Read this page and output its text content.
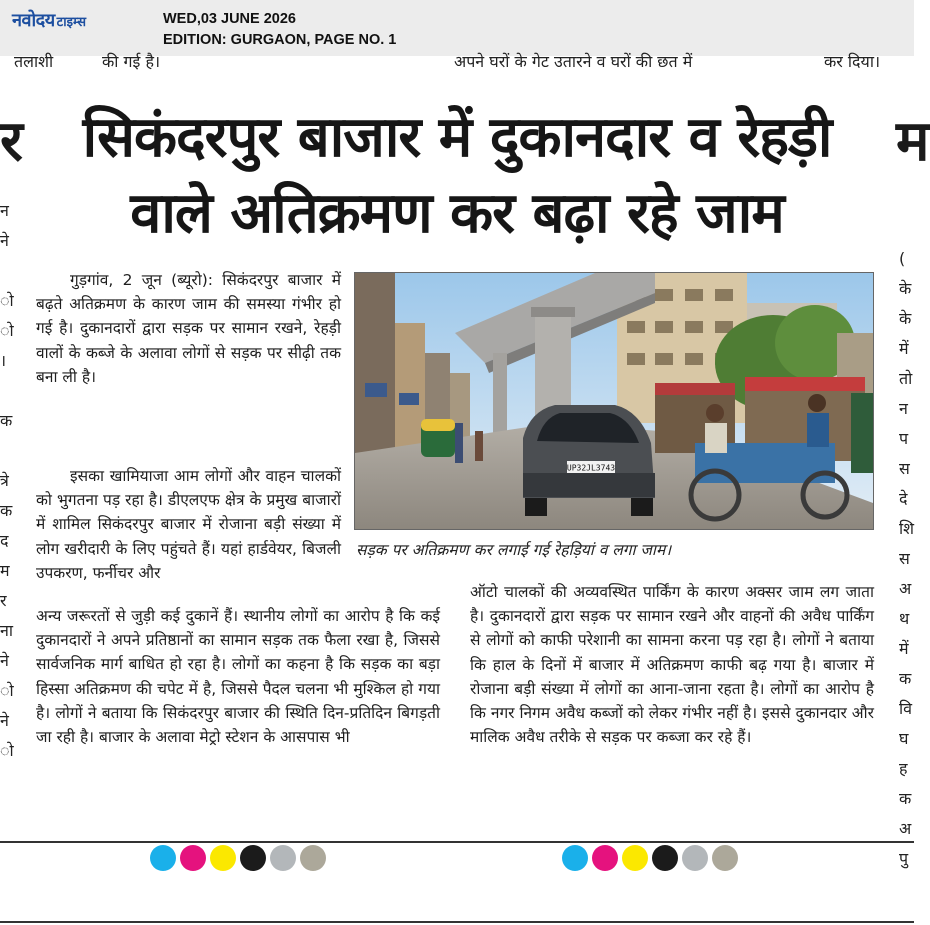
नवोदय टाइम्स	WED,03 JUNE 2026
EDITION: GURGAON, PAGE NO. 1
तलाशी	की गई है।	अपने घरों के गेट उतारने व घरों की छत में	कर दिया।
र	म
सिकंदरपुर बाजार में दुकानदार व रेहड़ी
वाले अतिक्रमण कर बढ़ा रहे जाम
UP32JL3743
सड़क पर अतिक्रमण कर लगाई गई रेहड़ियां व लगा जाम।
गुड़गांव, 2 जून (ब्यूरो): सिकंदरपुर बाजार में बढ़ते अतिक्रमण के कारण जाम की समस्या गंभीर हो गई है। दुकानदारों द्वारा सड़क पर सामान रखने, रेहड़ी वालों के कब्जे के अलावा लोगों से सड़क पर सीढ़ी तक बना ली है।
इसका खामियाजा आम लोगों और वाहन चालकों को भुगतना पड़ रहा है। डीएलएफ क्षेत्र के प्रमुख बाजारों में शामिल सिकंदरपुर बाजार में रोजाना बड़ी संख्या में लोग खरीदारी के लिए पहुंचते हैं। यहां हार्डवेयर, बिजली उपकरण, फर्नीचर और
अन्य जरूरतों से जुड़ी कई दुकानें हैं। स्थानीय लोगों का आरोप है कि कई दुकानदारों ने अपने प्रतिष्ठानों का सामान सड़क तक फैला रखा है, जिससे सार्वजनिक मार्ग बाधित हो रहा है। लोगों का कहना है कि सड़क का बड़ा हिस्सा अतिक्रमण की चपेट में है, जिससे पैदल चलना भी मुश्किल हो गया है। लोगों ने बताया कि सिकंदरपुर बाजार की स्थिति दिन-प्रतिदिन बिगड़ती जा रही है। बाजार के अलावा मेट्रो स्टेशन के आसपास भी
ऑटो चालकों की अव्यवस्थित पार्किंग के कारण अक्सर जाम लग जाता है। दुकानदारों द्वारा सड़क पर सामान रखने और वाहनों की अवैध पार्किंग से लोगों को काफी परेशानी का सामना करना पड़ रहा है। लोगों ने बताया कि हाल के दिनों में बाजार में अतिक्रमण काफी बढ़ गया है। बाजार में रोजाना बड़ी संख्या में लोगों का आना-जाना रहता है। लोगों का आरोप है कि नगर निगम अवैध कब्जों को लेकर गंभीर नहीं है। इससे दुकानदार और मालिक अवैध तरीके से सड़क पर कब्जा कर रहे हैं।
न
ने
ो
ो
।
क
त्रे
क
द
म
र
ना
ने
ो
ने
ो
(
के
के
में
तो
न
प
स
दे
शि
स
अ
थ
में
क
वि
घ
ह
क
अ
पु
